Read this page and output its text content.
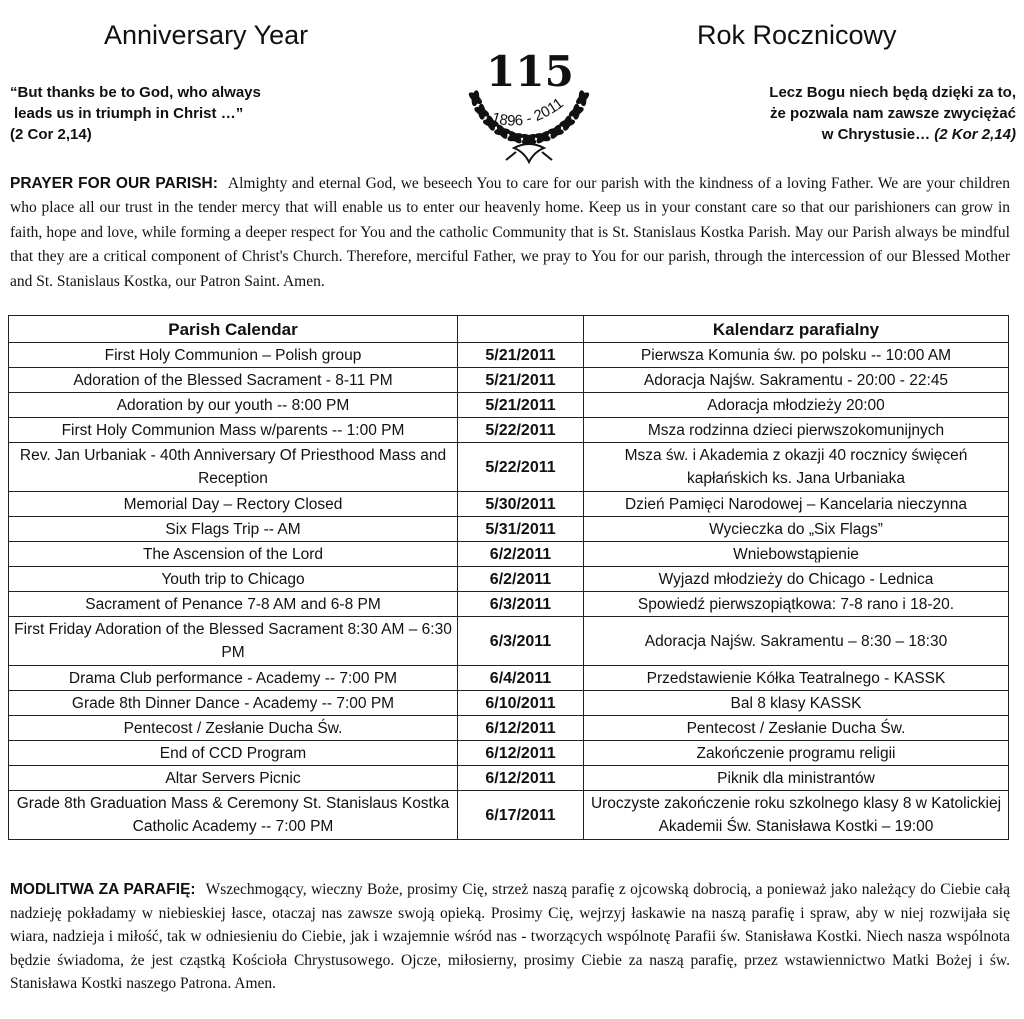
Anniversary Year	Rok Rocznicowy
“But thanks be to God, who always
leads us in triumph in Christ …”
(2 Cor 2,14)
Lecz Bogu niech będą dzięki za to,
że pozwala nam zawsze zwyciężać
w Chrystusie… (2 Kor 2,14)
115
1896 - 2011
PRAYER FOR OUR PARISH: Almighty and eternal God, we beseech You to care for our parish with the kindness of a loving Father. We are your children who place all our trust in the tender mercy that will enable us to enter our heavenly home. Keep us in your constant care so that our parishioners can grow in faith, hope and love, while forming a deeper respect for You and the catholic Community that is St. Stanislaus Kostka Parish. May our Parish always be mindful that they are a critical component of Christ's Church. Therefore, merciful Father, we pray to You for our parish, through the intercession of our Blessed Mother and St. Stanislaus Kostka, our Patron Saint. Amen.
Parish Calendar		Kalendarz parafialny
First Holy Communion – Polish group	5/21/2011	Pierwsza Komunia św. po polsku -- 10:00 AM
Adoration of the Blessed Sacrament - 8-11 PM	5/21/2011	Adoracja Najśw. Sakramentu - 20:00 - 22:45
Adoration by our youth -- 8:00 PM	5/21/2011	Adoracja młodzieży 20:00
First Holy Communion Mass w/parents -- 1:00 PM	5/22/2011	Msza rodzinna dzieci pierwszokomunijnych
Rev. Jan Urbaniak - 40th Anniversary Of Priesthood Mass and Reception	5/22/2011	Msza św. i Akademia z okazji 40 rocznicy święceń kapłańskich ks. Jana Urbaniaka
Memorial Day – Rectory Closed	5/30/2011	Dzień Pamięci Narodowej – Kancelaria nieczynna
Six Flags Trip -- AM	5/31/2011	Wycieczka do „Six Flags”
The Ascension of the Lord	6/2/2011	Wniebowstąpienie
Youth trip to Chicago	6/2/2011	Wyjazd młodzieży do Chicago - Lednica
Sacrament of Penance 7-8 AM and 6-8 PM	6/3/2011	Spowiedź pierwszopiątkowa: 7-8 rano i 18-20.
First Friday Adoration of the Blessed Sacrament 8:30 AM – 6:30 PM	6/3/2011	Adoracja Najśw. Sakramentu – 8:30 – 18:30
Drama Club performance - Academy -- 7:00 PM	6/4/2011	Przedstawienie Kółka Teatralnego - KASSK
Grade 8th Dinner Dance - Academy -- 7:00 PM	6/10/2011	Bal 8 klasy KASSK
Pentecost / Zesłanie Ducha Św.	6/12/2011	Pentecost / Zesłanie Ducha Św.
End of CCD Program	6/12/2011	Zakończenie programu religii
Altar Servers Picnic	6/12/2011	Piknik dla ministrantów
Grade 8th Graduation Mass & Ceremony St. Stanislaus Kostka Catholic Academy -- 7:00 PM	6/17/2011	Uroczyste zakończenie roku szkolnego klasy 8 w Katolickiej Akademii Św. Stanisława Kostki – 19:00
MODLITWA ZA PARAFIĘ: Wszechmogący, wieczny Boże, prosimy Cię, strzeż naszą parafię z ojcowską dobrocią, a ponieważ jako należący do Ciebie całą nadzieję pokładamy w niebieskiej łasce, otaczaj nas zawsze swoją opieką. Prosimy Cię, wejrzyj łaskawie na naszą parafię i spraw, aby w niej rozwijała się wiara, nadzieja i miłość, tak w odniesieniu do Ciebie, jak i wzajemnie wśród nas - tworzących wspólnotę Parafii św. Stanisława Kostki. Niech nasza wspólnota będzie świadoma, że jest cząstką Kościoła Chrystusowego. Ojcze, miłosierny, prosimy Ciebie za naszą parafię, przez wstawiennictwo Matki Bożej i św. Stanisława Kostki naszego Patrona. Amen.
